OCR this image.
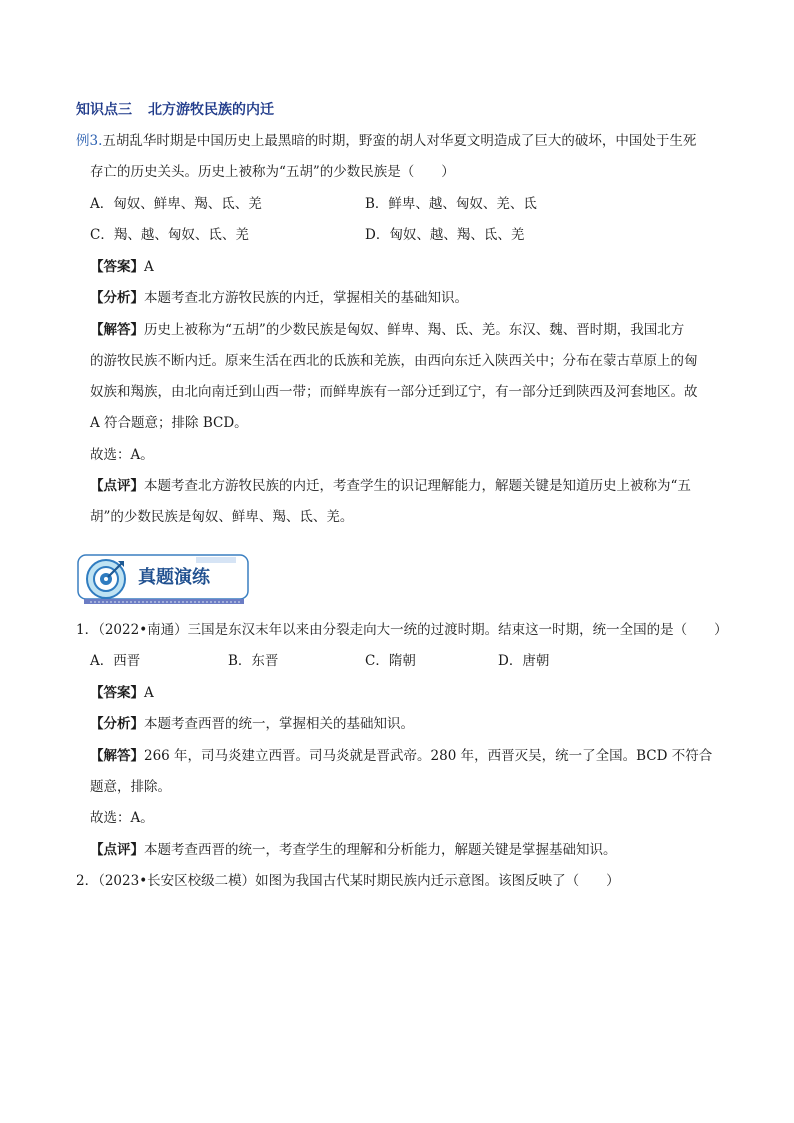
知识点三 北方游牧民族的内迁
例3.五胡乱华时期是中国历史上最黑暗的时期，野蛮的胡人对华夏文明造成了巨大的破坏，中国处于生死
存亡的历史关头。历史上被称为“五胡”的少数民族是（　　）
A．匈奴、鲜卑、羯、氐、羌	B．鲜卑、越、匈奴、羌、氐
C．羯、越、匈奴、氐、羌	D．匈奴、越、羯、氐、羌
【答案】A
【分析】本题考查北方游牧民族的内迁，掌握相关的基础知识。
【解答】历史上被称为“五胡”的少数民族是匈奴、鲜卑、羯、氐、羌。东汉、魏、晋时期，我国北方
的游牧民族不断内迁。原来生活在西北的氐族和羌族，由西向东迁入陕西关中；分布在蒙古草原上的匈
奴族和羯族，由北向南迁到山西一带；而鲜卑族有一部分迁到辽宁，有一部分迁到陕西及河套地区。故
A 符合题意；排除 BCD。
故选：A。
【点评】本题考查北方游牧民族的内迁，考查学生的识记理解能力，解题关键是知道历史上被称为“五
胡”的少数民族是匈奴、鲜卑、羯、氐、羌。
真题演练
1．（2022•南通）三国是东汉末年以来由分裂走向大一统的过渡时期。结束这一时期，统一全国的是（　　）
A．西晋	B．东晋	C．隋朝	D．唐朝
【答案】A
【分析】本题考查西晋的统一，掌握相关的基础知识。
【解答】266 年，司马炎建立西晋。司马炎就是晋武帝。280 年，西晋灭吴，统一了全国。BCD 不符合
题意，排除。
故选：A。
【点评】本题考查西晋的统一，考查学生的理解和分析能力，解题关键是掌握基础知识。
2．（2023•长安区校级二模）如图为我国古代某时期民族内迁示意图。该图反映了（　　）
